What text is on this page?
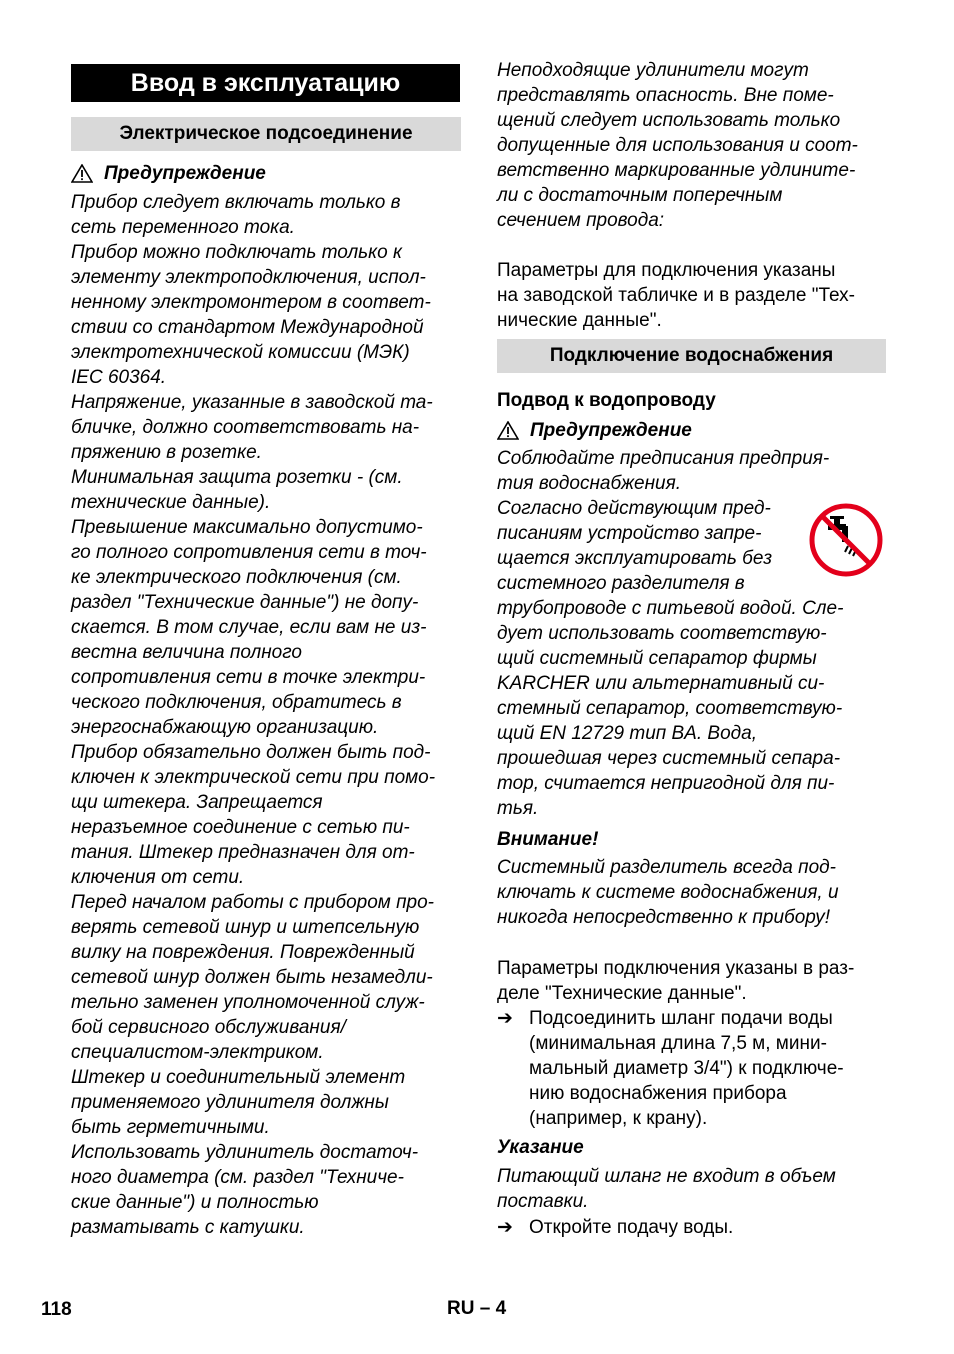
Ввод в эксплуатацию
Электрическое подсоединение
Предупреждение
Прибор следует включать только в
сеть переменного тока.
Прибор можно подключать только к
элементу электроподключения, испол-
ненному электромонтером в соответ-
ствии со стандартом Международной
электротехнической комиссии (МЭК)
IEC 60364.
Напряжение, указанные в заводской та-
бличке, должно соответствовать на-
пряжению в розетке.
Минимальная защита розетки - (см.
технические данные).
Превышение максимально допустимо-
го полного сопротивления сети в точ-
ке электрического подключения (см.
раздел "Технические данные") не допу-
скается. В том случае, если вам не из-
вестна величина полного
сопротивления сети в точке электри-
ческого подключения, обратитесь в
энергоснабжающую организацию.
Прибор обязательно должен быть под-
ключен к электрической сети при помо-
щи штекера. Запрещается
неразъемное соединение с сетью пи-
тания. Штекер предназначен для от-
ключения от сети.
Перед началом работы с прибором про-
верять сетевой шнур и штепсельную
вилку на повреждения. Поврежденный
сетевой шнур должен быть незамедли-
тельно заменен уполномоченной служ-
бой сервисного обслуживания/
специалистом-электриком.
Штекер и соединительный элемент
применяемого удлинителя должны
быть герметичными.
Использовать удлинитель достаточ-
ного диаметра (см. раздел "Техниче-
ские данные") и полностью
разматывать с катушки.
Неподходящие удлинители могут
представлять опасность. Вне поме-
щений следует использовать только
допущенные для использования и соот-
ветственно маркированные удлините-
ли с достаточным поперечным
сечением провода:
Параметры для подключения указаны
на заводской табличке и в разделе "Тех-
нические данные".
Подключение водоснабжения
Подвод к водопроводу
Предупреждение
Соблюдайте предписания предприя-
тия водоснабжения.
Согласно действующим пред-
писаниям устройство запре-
щается эксплуатировать без
системного разделителя в
трубопроводе с питьевой водой. Сле-
дует использовать соответствую-
щий системный сепаратор фирмы
KARCHER или альтернативный си-
стемный сепаратор, соответствую-
щий EN 12729 тип BA. Вода,
прошедшая через системный сепара-
тор, считается непригодной для пи-
тья.
Внимание!
Системный разделитель всегда под-
ключать к системе водоснабжения, и
никогда непосредственно к прибору!
Параметры подключения указаны в раз-
деле "Технические данные".
➔ Подсоединить шланг подачи воды
(минимальная длина 7,5 м, мини-
мальный диаметр 3/4") к подключе-
нию водоснабжения прибора
(например, к крану).
Указание
Питающий шланг не входит в объем
поставки.
➔ Откройте подачу воды.
118	RU – 4
